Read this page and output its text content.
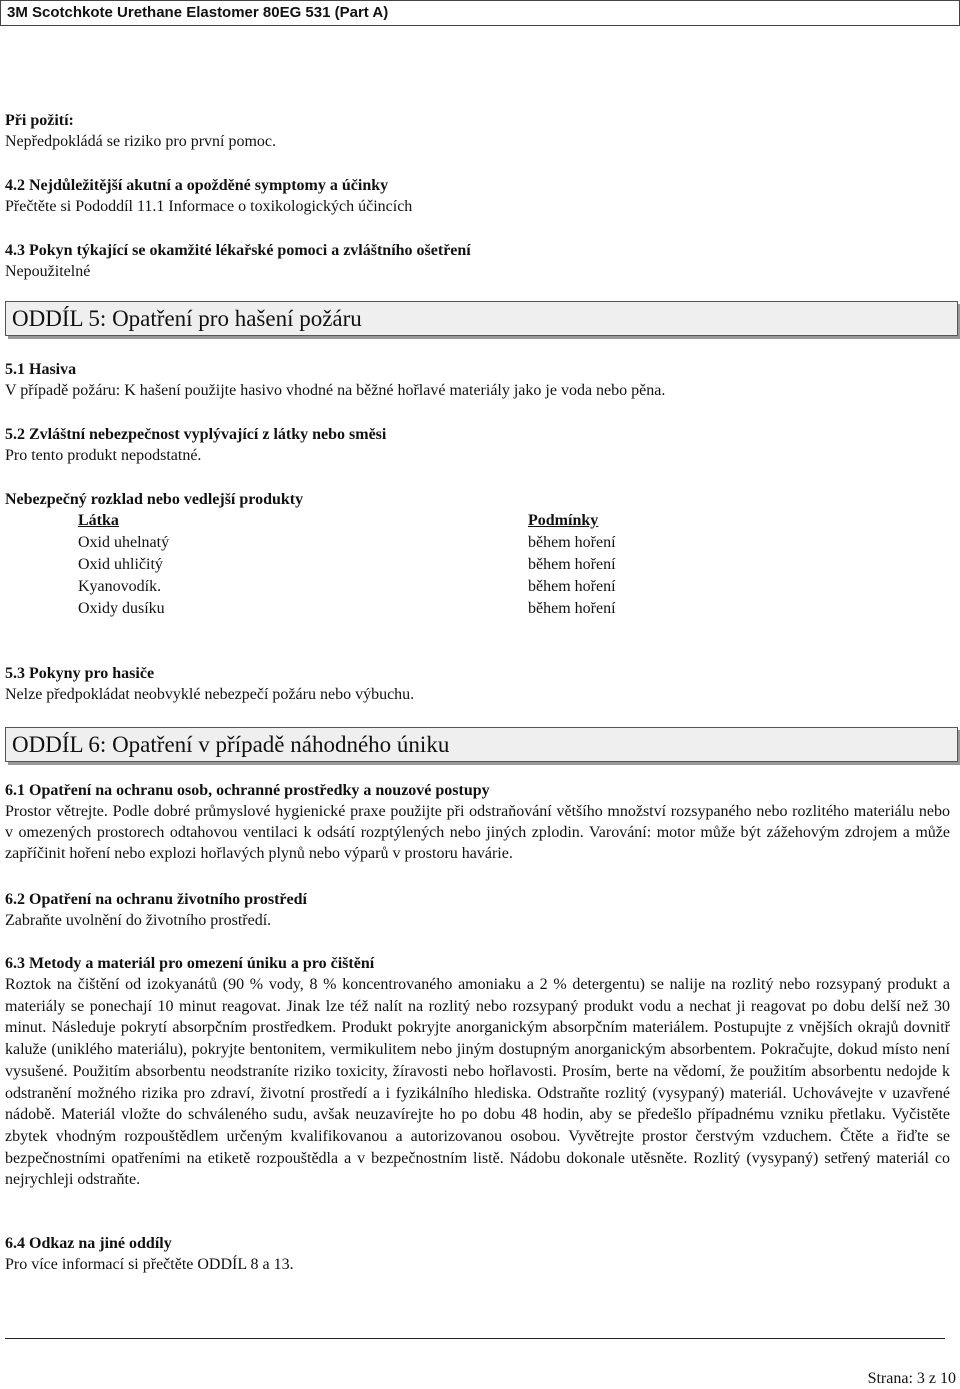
3M Scotchkote Urethane Elastomer 80EG 531 (Part A)

Při požití:

Nepředpokládá se riziko pro první pomoc.

4.2 Nejdůležitější akutní a opožděné symptomy a účinky

Přečtěte si Pododdíl 11.1 Informace o toxikologických účincích

4.3 Pokyn týkající se okamžité lékařské pomoci a zvláštního ošetření

Nepoužitelné

ODDÍL 5: Opatření pro hašení požáru

5.1 Hasiva

V případě požáru: K hašení použijte hasivo vhodné na běžné hořlavé materiály jako je voda nebo pěna.

5.2 Zvláštní nebezpečnost vyplývající z látky nebo směsi

Pro tento produkt nepodstatné.

Nebezpečný rozklad nebo vedlejší produkty

Látka	Podmínky
Oxid uhelnatý	během hoření
Oxid uhličitý	během hoření
Kyanovodík.	během hoření
Oxidy dusíku	během hoření

5.3 Pokyny pro hasiče

Nelze předpokládat neobvyklé nebezpečí požáru nebo výbuchu.

ODDÍL 6: Opatření v případě náhodného úniku

6.1 Opatření na ochranu osob, ochranné prostředky a nouzové postupy

Prostor větrejte. Podle dobré průmyslové hygienické praxe použijte při odstraňování většího množství rozsypaného nebo rozlitého materiálu nebo v omezených prostorech odtahovou ventilaci k odsátí rozptýlených nebo jiných zplodin. Varování: motor může být zážehovým zdrojem a může zapříčinit hoření nebo explozi hořlavých plynů nebo výparů v prostoru havárie.

6.2 Opatření na ochranu životního prostředí

Zabraňte uvolnění do životního prostředí.

6.3 Metody a materiál pro omezení úniku a pro čištění

Roztok na čištění od izokyanátů (90 % vody, 8 % koncentrovaného amoniaku a 2 % detergentu) se nalije na rozlitý nebo rozsypaný produkt a materiály se ponechají 10 minut reagovat. Jinak lze též nalít na rozlitý nebo rozsypaný produkt vodu a nechat ji reagovat po dobu delší než 30 minut. Následuje pokrytí absorpčním prostředkem. Produkt pokryjte anorganickým absorpčním materiálem. Postupujte z vnějších okrajů dovnitř kaluže (uniklého materiálu), pokryjte bentonitem, vermikulitem nebo jiným dostupným anorganickým absorbentem. Pokračujte, dokud místo není vysušené. Použitím absorbentu neodstraníte riziko toxicity, žíravosti nebo hořlavosti. Prosím, berte na vědomí, že použitím absorbentu nedojde k odstranění možného rizika pro zdraví, životní prostředí a i fyzikálního hlediska. Odstraňte rozlitý (vysypaný) materiál. Uchovávejte v uzavřené nádobě. Materiál vložte do schváleného sudu, avšak neuzavírejte ho po dobu 48 hodin, aby se předešlo případnému vzniku přetlaku. Vyčistěte zbytek vhodným rozpouštědlem určeným kvalifikovanou a autorizovanou osobou. Vyvětrejte prostor čerstvým vzduchem. Čtěte a řiďte se bezpečnostními opatřeními na etiketě rozpouštědla a v bezpečnostním listě. Nádobu dokonale utěsněte. Rozlitý (vysypaný) setřený materiál co nejrychleji odstraňte.

6.4 Odkaz na jiné oddíly

Pro více informací si přečtěte ODDÍL 8 a 13.

Strana: 3 z 10
